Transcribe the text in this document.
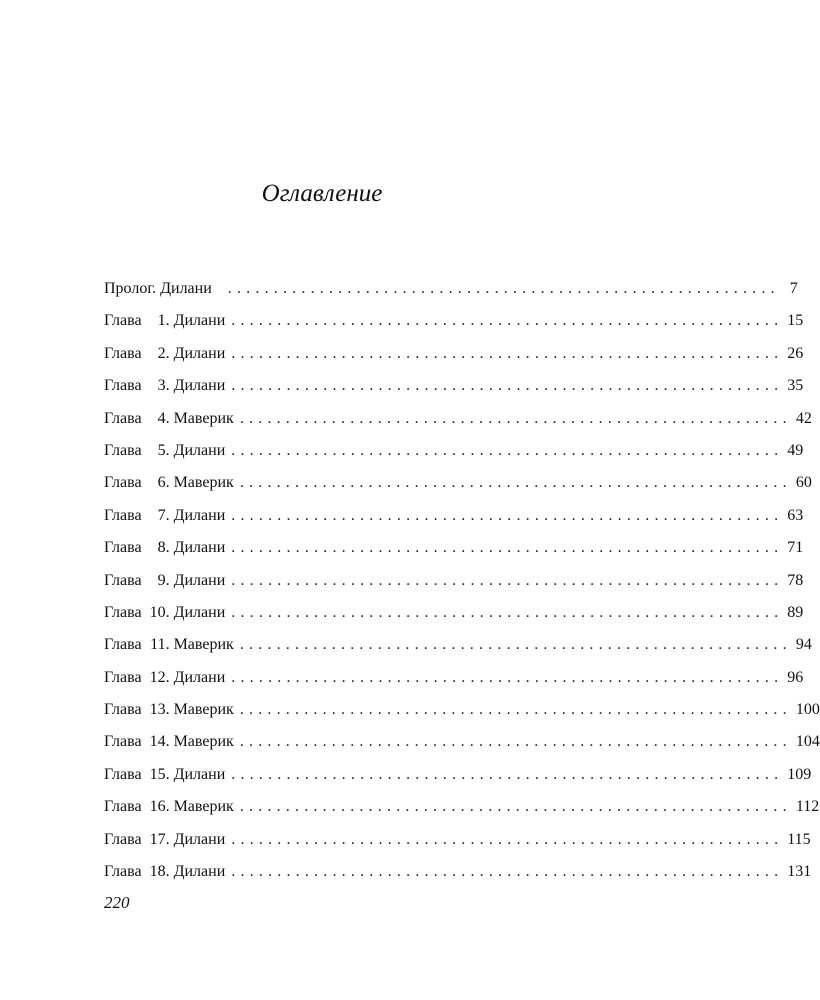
Оглавление
Пролог. Дилани	............................................................ 7
Глава	1. Дилани ............................................................ 15
Глава	2. Дилани ............................................................ 26
Глава	3. Дилани ............................................................ 35
Глава	4. Маверик ............................................................ 42
Глава	5. Дилани ............................................................ 49
Глава	6. Маверик ............................................................ 60
Глава	7. Дилани ............................................................ 63
Глава	8. Дилани ............................................................ 71
Глава	9. Дилани ............................................................ 78
Глава 10. Дилани ............................................................ 89
Глава 11. Маверик ............................................................ 94
Глава 12. Дилани ............................................................ 96
Глава 13. Маверик ............................................................ 100
Глава 14. Маверик ............................................................ 104
Глава 15. Дилани ............................................................ 109
Глава 16. Маверик ............................................................ 112
Глава 17. Дилани ............................................................ 115
Глава 18. Дилани ............................................................ 131
220
